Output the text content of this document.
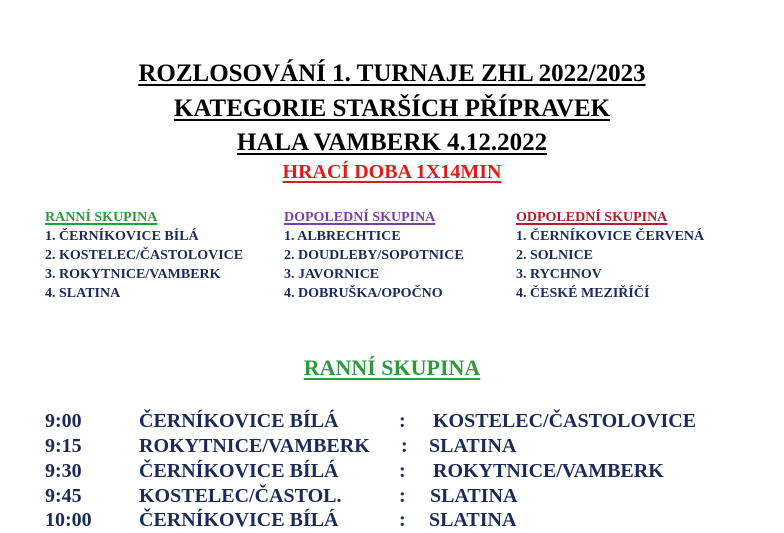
ROZLOSOVÁNÍ 1. TURNAJE ZHL 2022/2023
KATEGORIE STARŠÍCH PŘÍPRAVEK
HALA VAMBERK 4.12.2022
HRACÍ DOBA 1X14MIN
RANNÍ SKUPINA
1. ČERNÍKOVICE BÍLÁ
2. KOSTELEC/ČASTOLOVICE
3. ROKYTNICE/VAMBERK
4. SLATINA
DOPOLEDNÍ SKUPINA
1. ALBRECHTICE
2. DOUDLEBY/SOPOTNICE
3. JAVORNICE
4. DOBRUŠKA/OPOČNO
ODPOLEDNÍ SKUPINA
1. ČERNÍKOVICE ČERVENÁ
2. SOLNICE
3. RYCHNOV
4. ČESKÉ MEZIŘÍČÍ
RANNÍ SKUPINA
9:00	ČERNÍKOVICE BÍLÁ	: KOSTELEC/ČASTOLOVICE
9:15	ROKYTNICE/VAMBERK : SLATINA
9:30	ČERNÍKOVICE BÍLÁ	: ROKYTNICE/VAMBERK
9:45	KOSTELEC/ČASTOL.	: SLATINA
10:00 ČERNÍKOVICE BÍLÁ	: SLATINA
